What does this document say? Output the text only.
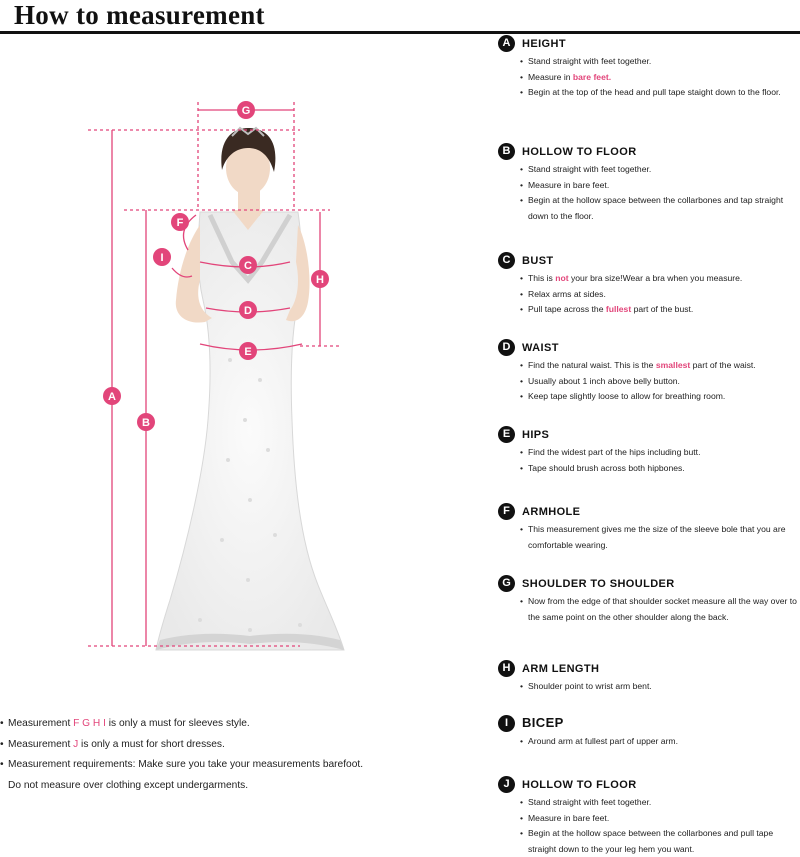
How to measurement
A
B
C
D
E
F
G
H
I
A	HEIGHT
• Stand straight with feet together.
• Measure in bare feet.
• Begin at the top of the head and pull tape staight down to the floor.
B	HOLLOW TO FLOOR
• Stand straight with feet together.
• Measure in bare feet.
• Begin at the hollow space between the collarbones and tap straight down to the floor.
C	BUST
• This is not your bra size!Wear a bra when you measure.
• Relax arms at sides.
• Pull tape across the fullest part of the bust.
D	WAIST
• Find the natural waist. This is the smallest part of the waist.
• Usually about 1 inch above belly button.
• Keep tape slightly loose to allow for breathing room.
E	HIPS
• Find the widest part of the hips including butt.
• Tape should brush across both hipbones.
F	ARMHOLE
• This measurement gives me the size of the sleeve bole that you are comfortable wearing.
G	SHOULDER TO SHOULDER
• Now from the edge of that shoulder socket measure all the way over to the same point on the other shoulder along the back.
H	ARM LENGTH
• Shoulder point to wrist arm bent.
I	BICEP
• Around arm at fullest part of upper arm.
J	HOLLOW TO FLOOR
• Stand straight with feet together.
• Measure in bare feet.
• Begin at the hollow space between the collarbones and pull tape straight down to the your leg hem you want.
• Measurement F G H I is only a must for sleeves style.
• Measurement J is only a must for short dresses.
• Measurement requirements: Make sure you take your measurements barefoot.
Do not measure over clothing except undergarments.
